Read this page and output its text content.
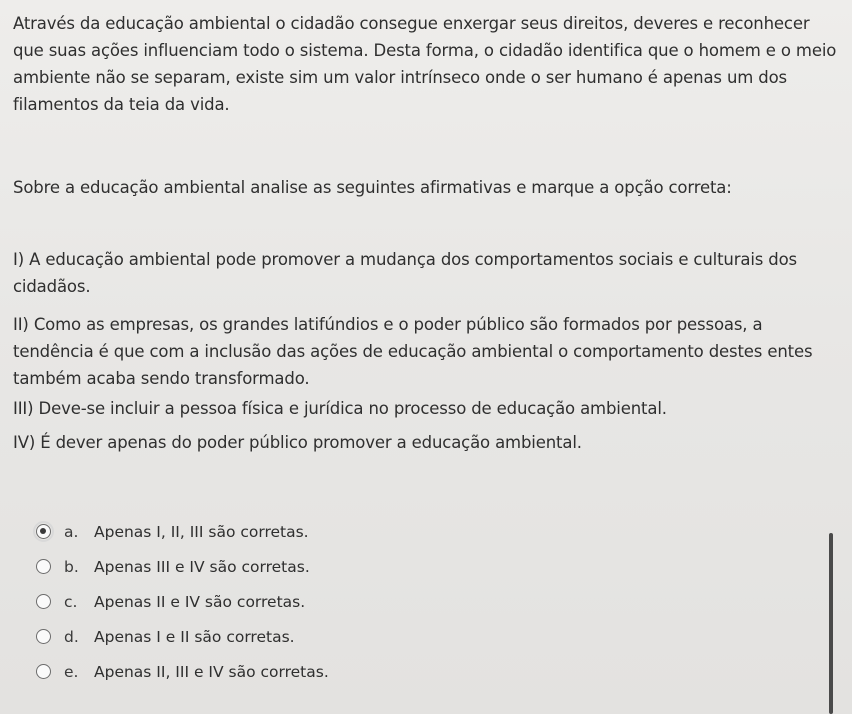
Através da educação ambiental o cidadão consegue enxergar seus direitos, deveres e reconhecer que suas ações influenciam todo o sistema. Desta forma, o cidadão identifica que o homem e o meio ambiente não se separam, existe sim um valor intrínseco onde o ser humano é apenas um dos filamentos da teia da vida.

Sobre a educação ambiental analise as seguintes afirmativas e marque a opção correta:

I) A educação ambiental pode promover a mudança dos comportamentos sociais e culturais dos cidadãos.

II) Como as empresas, os grandes latifúndios e o poder público são formados por pessoas, a tendência é que com a inclusão das ações de educação ambiental o comportamento destes entes também acaba sendo transformado.

III) Deve-se incluir a pessoa física e jurídica no processo de educação ambiental.

IV) É dever apenas do poder público promover a educação ambiental.

a.	Apenas I, II, III são corretas.
b. Apenas III e IV são corretas.
c.	Apenas II e IV são corretas.
d. Apenas I e II são corretas.
e.	Apenas II, III e IV são corretas.
